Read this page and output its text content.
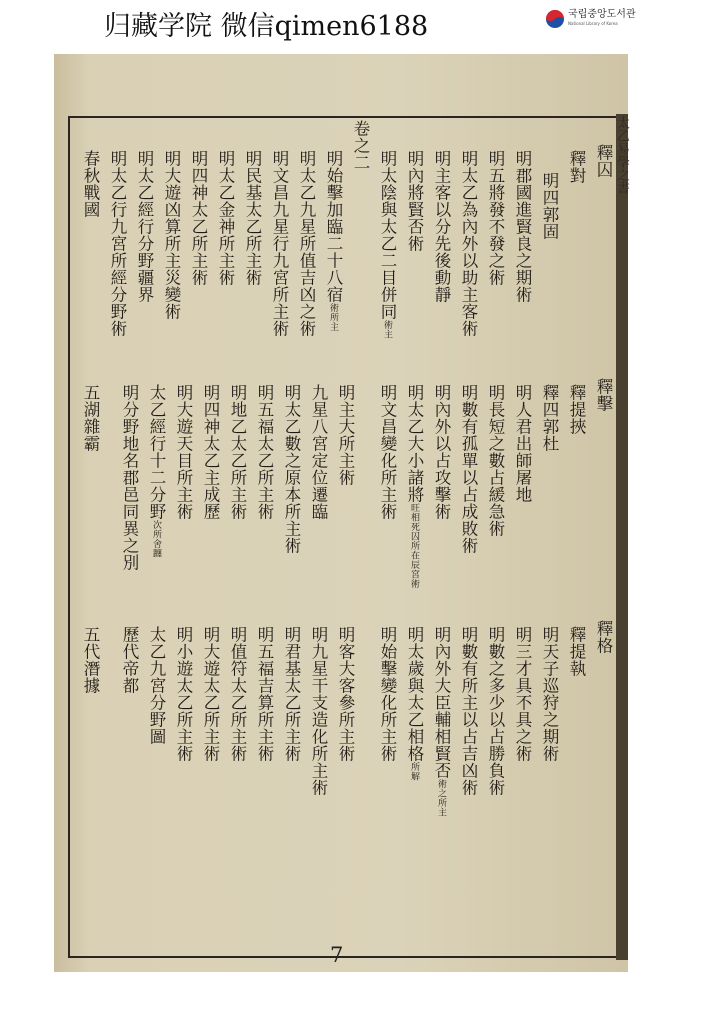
归藏学院 微信qimen6188	국립중앙도서관
National Library of Korea
太乙易學之書
釋囚
釋對
明四郭固
明郡國進賢良之期術
明五將發不發之術
明太乙為內外以助主客術
明主客以分先後動靜
明內將賢否術
明太陰與太乙二目併同術主
卷之二
明始擊加臨二十八宿術所主
明太乙九星所值吉凶之術
明文昌九星行九宮所主術
明民基太乙所主術
明太乙金神所主術
明四神太乙所主術
明大遊凶算所主災變術
明太乙經行分野疆界
明太乙行九宮所經分野術
春秋戰國
釋擊
釋提挾
釋四郭杜
明人君出師屠地
明長短之數占緩急術
明數有孤單以占成敗術
明內外以占攻擊術
明太乙大小諸將旺相死囚所在辰宮術
明文昌變化所主術
明主大所主術
九星八宮定位遷臨
明太乙數之原本所主術
明五福太乙所主術
明地乙太乙所主術
明四神太乙主成歷
明大遊天目所主術
太乙經行十二分野次所舍躔
明分野地名郡邑同異之別
五湖雜霸
釋格
釋提執
明天子巡狩之期術
明三才具不具之術
明數之多少以占勝負術
明數有所主以占吉凶術
明內外大臣輔相賢否術之所主
明太歲與太乙相格所解
明始擊變化所主術
明客大客參所主術
明九星干支造化所主術
明君基太乙所主術
明五福吉算所主術
明值符太乙所主術
明大遊太乙所主術
明小遊太乙所主術
太乙九宮分野圖
歷代帝都
五代潛據
7
